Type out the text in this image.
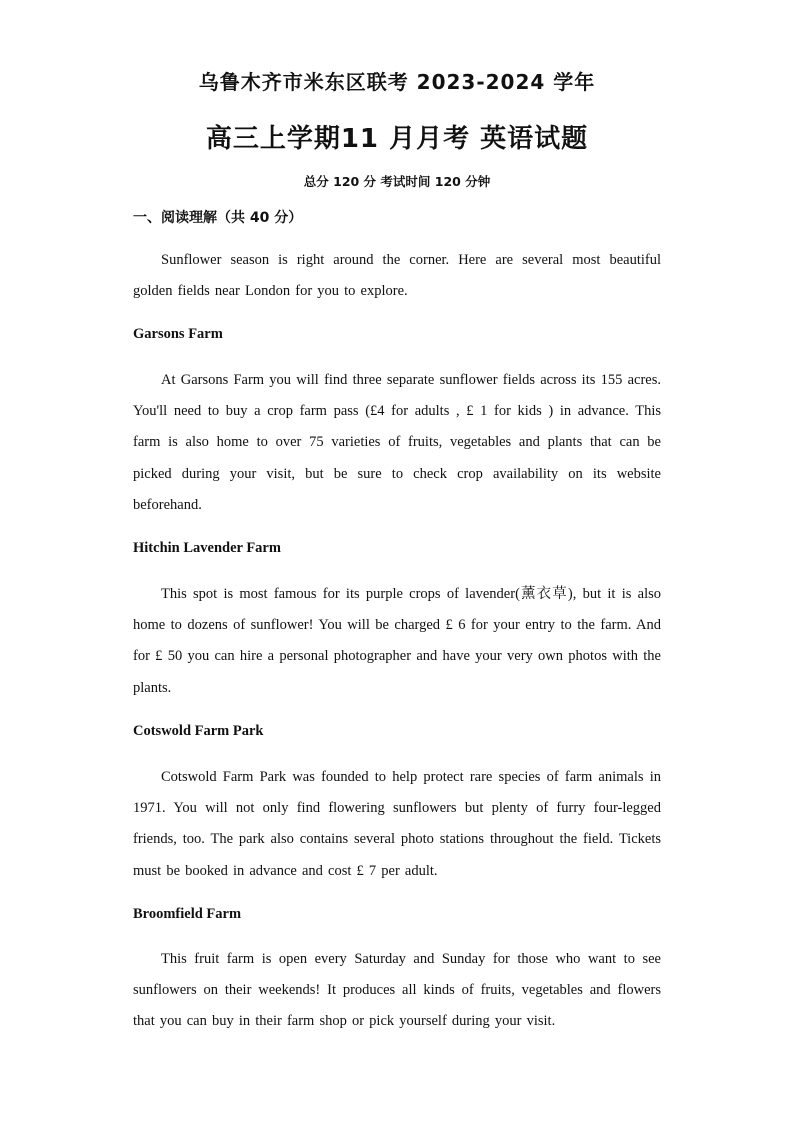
乌鲁木齐市米东区联考 2023-2024 学年
高三上学期11 月月考 英语试题
总分 120 分 考试时间 120 分钟
一、阅读理解（共 40 分）
Sunflower season is right around the corner. Here are several most beautiful golden fields near London for you to explore.
Garsons Farm
At Garsons Farm you will find three separate sunflower fields across its 155 acres. You'll need to buy a crop farm pass (£4 for adults , £ 1 for kids ) in advance. This farm is also home to over 75 varieties of fruits, vegetables and plants that can be picked during your visit, but be sure to check crop availability on its website beforehand.
Hitchin Lavender Farm
This spot is most famous for its purple crops of lavender(薰衣草), but it is also home to dozens of sunflower! You will be charged £ 6 for your entry to the farm. And for £ 50 you can hire a personal photographer and have your very own photos with the plants.
Cotswold Farm Park
Cotswold Farm Park was founded to help protect rare species of farm animals in 1971. You will not only find flowering sunflowers but plenty of furry four-legged friends, too. The park also contains several photo stations throughout the field. Tickets must be booked in advance and cost £ 7 per adult.
Broomfield Farm
This fruit farm is open every Saturday and Sunday for those who want to see sunflowers on their weekends! It produces all kinds of fruits, vegetables and flowers that you can buy in their farm shop or pick yourself during your visit.
